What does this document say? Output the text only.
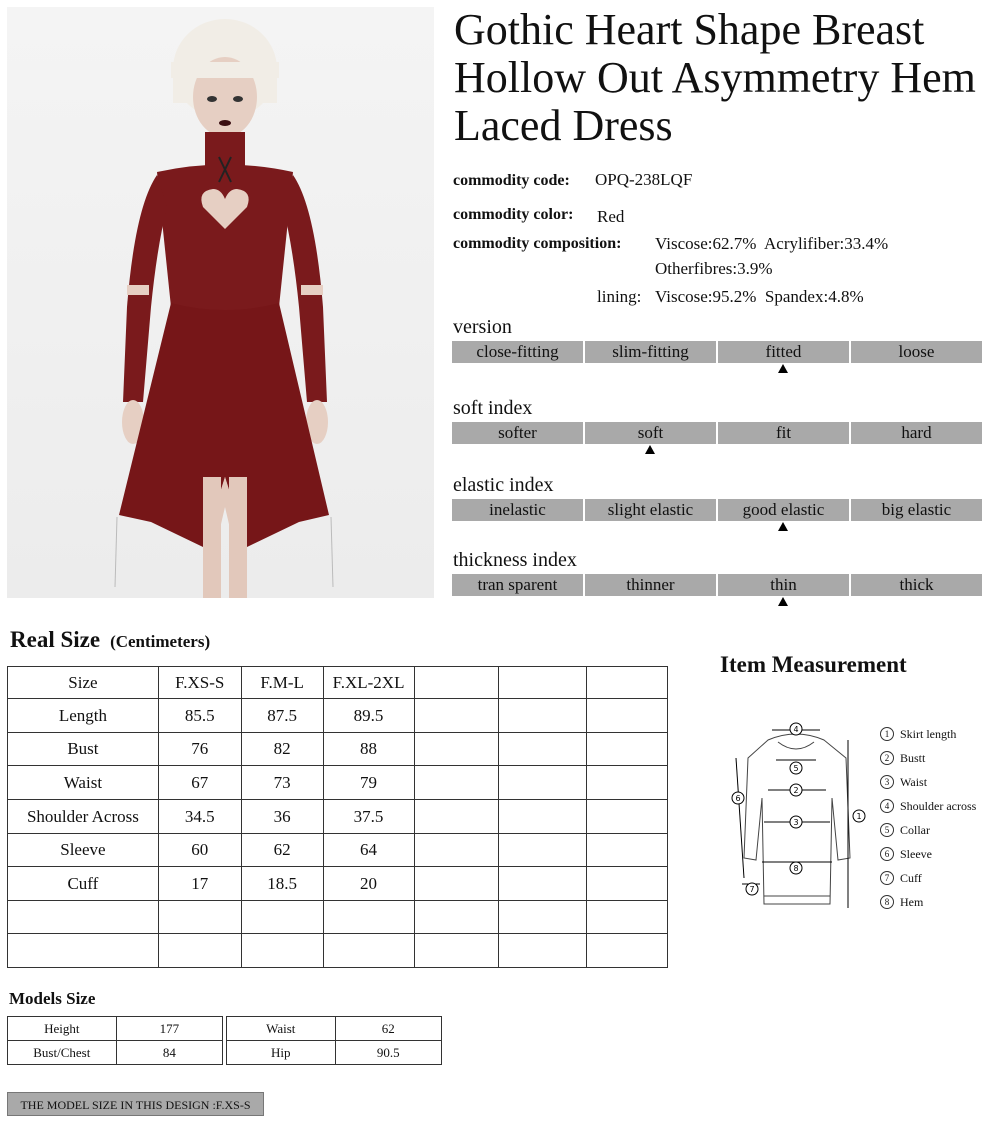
Gothic Heart Shape Breast Hollow Out Asymmetry Hem Laced Dress
commodity code: OPQ-238LQF
commodity color: Red
commodity composition: Viscose:62.7%  Acrylifiber:33.4%
Otherfibres:3.9%
lining: Viscose:95.2%  Spandex:4.8%
version
close-fitting	slim-fitting	fitted	loose
soft index
softer	soft	fit	hard
elastic index
inelastic	slight elastic	good elastic	big elastic
thickness index
tran sparent	thinner	thin	thick
Real Size (Centimeters)
Size	F.XS-S	F.M-L	F.XL-2XL			
Length	85.5	87.5	89.5			
Bust	76	82	88			
Waist	67	73	79			
Shoulder Across	34.5	36	37.5			
Sleeve	60	62	64			
Cuff	17	18.5	20			

Item Measurement
4
5
2
3
8
1
6
7
1 Skirt length
2 Bustt
3 Waist
4 Shoulder across
5 Collar
6 Sleeve
7 Cuff
8 Hem
Models Size
Height	177
Bust/Chest	84
Waist	62
Hip	90.5
THE MODEL SIZE IN THIS DESIGN :F.XS-S
